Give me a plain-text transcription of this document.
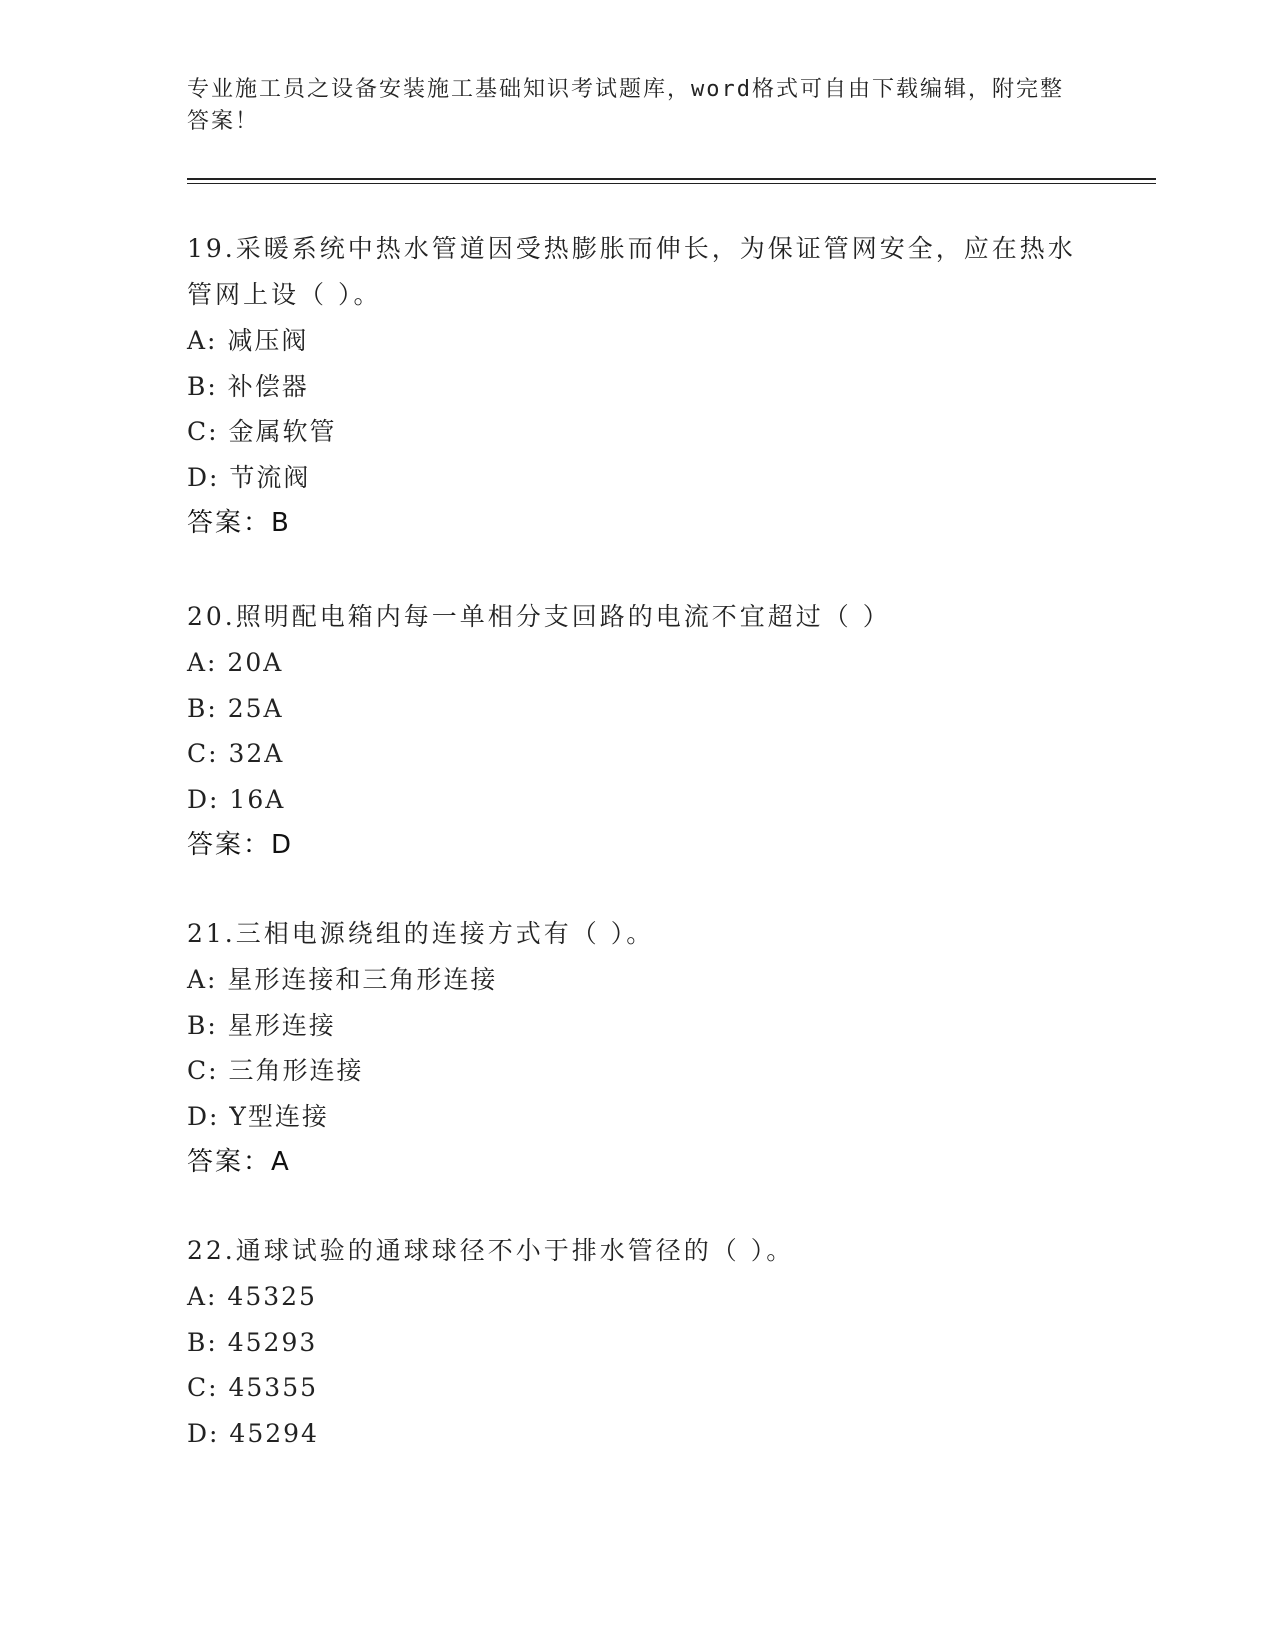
专业施工员之设备安装施工基础知识考试题库，word格式可自由下载编辑，附完整答案！
19.采暖系统中热水管道因受热膨胀而伸长，为保证管网安全，应在热水管网上设（ ）。
A: 减压阀
B: 补偿器
C: 金属软管
D: 节流阀
答案：B
20.照明配电箱内每一单相分支回路的电流不宜超过（ ）
A: 20A
B: 25A
C: 32A
D: 16A
答案：D
21.三相电源绕组的连接方式有（ ）。
A: 星形连接和三角形连接
B: 星形连接
C: 三角形连接
D: Y型连接
答案：A
22.通球试验的通球球径不小于排水管径的（ ）。
A: 45325
B: 45293
C: 45355
D: 45294
